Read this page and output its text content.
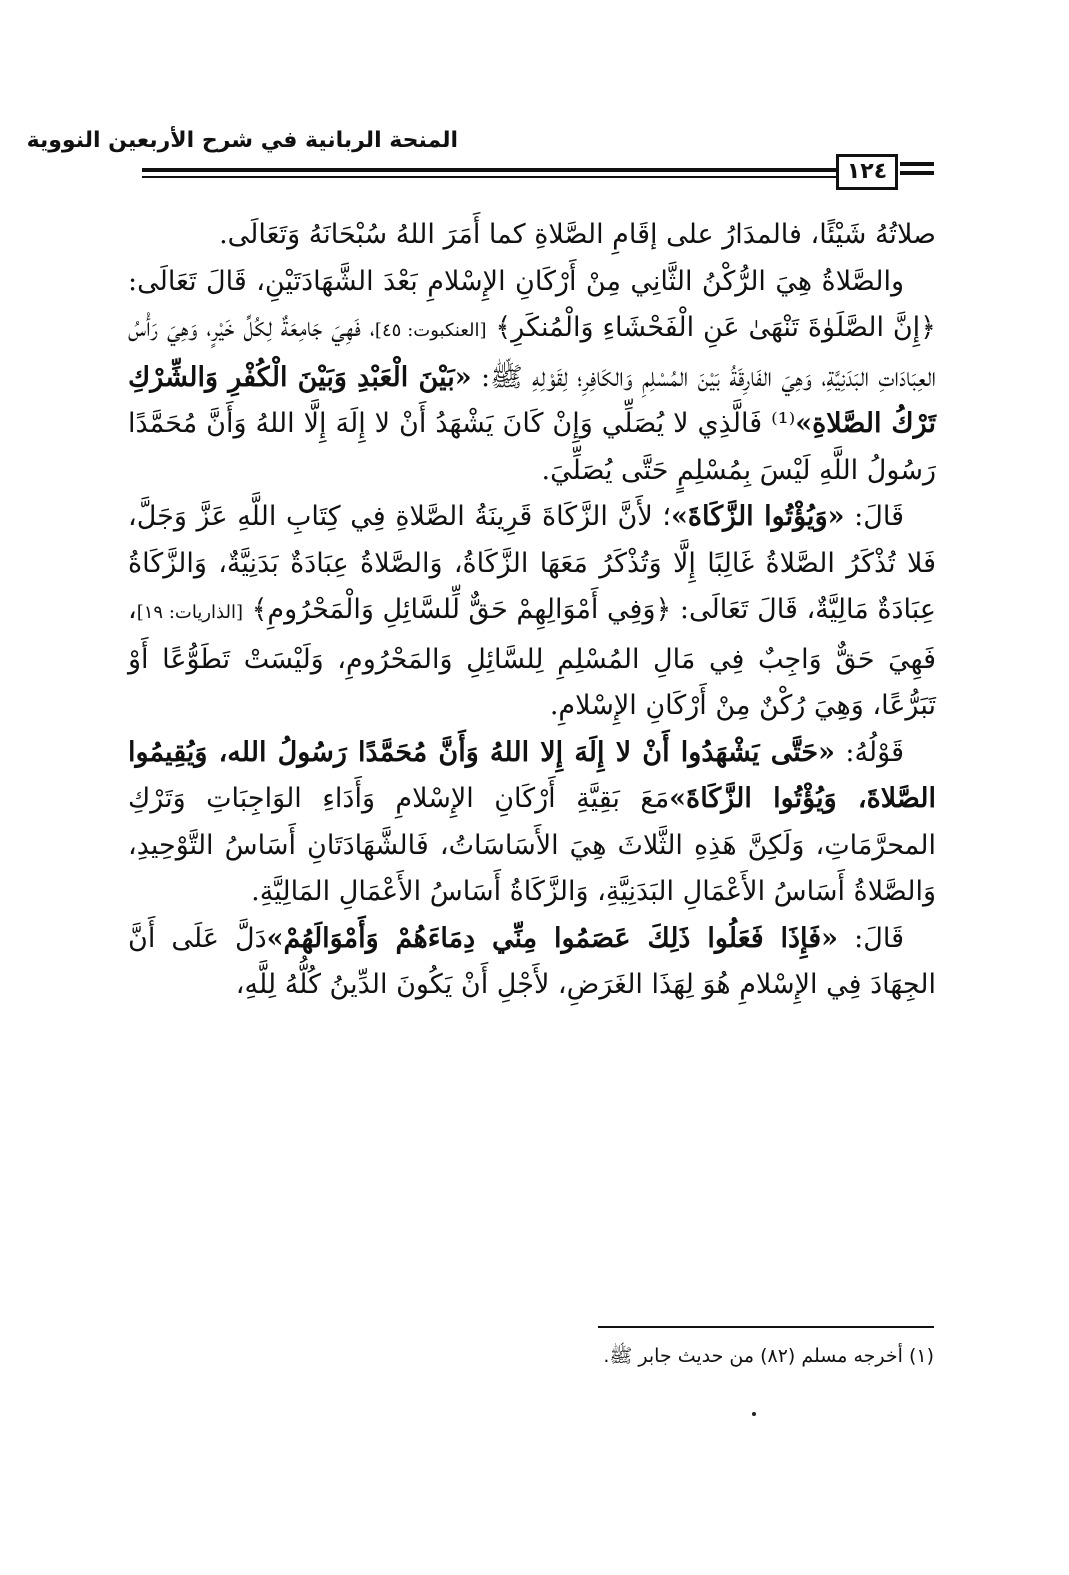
المنحة الربانية في شرح الأربعين النووية
١٢٤

صلاتُهُ شَيْئًا، فالمدَارُ على إقَامِ الصَّلاةِ كما أَمَرَ اللهُ سُبْحَانَهُ وَتَعَالَى.

والصَّلاةُ هِيَ الرُّكْنُ الثَّانِي مِنْ أَرْكَانِ الإِسْلامِ بَعْدَ الشَّهَادَتَيْنِ، قَالَ تَعَالَى: ﴿إِنَّ الصَّلَوٰةَ تَنْهَىٰ عَنِ الْفَحْشَاءِ وَالْمُنكَرِ﴾ [العنكبوت: ٤٥]، فَهِيَ جَامِعَةٌ لِكُلِّ خَيْرٍ، وَهِيَ رَأْسُ العِبَادَاتِ البَدَنِيَّةِ، وَهِيَ الفَارِقَةُ بَيْنَ المُسْلِمِ وَالكَافِرِ؛ لِقَوْلِهِ ﷺ: «بَيْنَ الْعَبْدِ وَبَيْنَ الْكُفْرِ وَالشِّرْكِ تَرْكُ الصَّلاةِ»⁽¹⁾ فَالَّذِي لا يُصَلِّي وَإِنْ كَانَ يَشْهَدُ أَنْ لا إِلَهَ إِلَّا اللهُ وَأَنَّ مُحَمَّدًا رَسُولُ اللَّهِ لَيْسَ بِمُسْلِمٍ حَتَّى يُصَلِّيَ.

قَالَ: «وَيُؤْتُوا الزَّكَاةَ»؛ لأَنَّ الزَّكَاةَ قَرِينَةُ الصَّلاةِ فِي كِتَابِ اللَّهِ عَزَّ وَجَلَّ، فَلا تُذْكَرُ الصَّلاةُ غَالِبًا إِلَّا وَتُذْكَرُ مَعَهَا الزَّكَاةُ، وَالصَّلاةُ عِبَادَةٌ بَدَنِيَّةٌ، وَالزَّكَاةُ عِبَادَةٌ مَالِيَّةٌ، قَالَ تَعَالَى: ﴿وَفِي أَمْوَالِهِمْ حَقٌّ لِّلسَّائِلِ وَالْمَحْرُومِ﴾ [الذاريات: ١٩]، فَهِيَ حَقٌّ وَاجِبٌ فِي مَالِ المُسْلِمِ لِلسَّائِلِ وَالمَحْرُومِ، وَلَيْسَتْ تَطَوُّعًا أَوْ تَبَرُّعًا، وَهِيَ رُكْنٌ مِنْ أَرْكَانِ الإِسْلامِ.

قَوْلُهُ: «حَتَّى يَشْهَدُوا أَنْ لا إِلَهَ إِلا اللهُ وَأَنَّ مُحَمَّدًا رَسُولُ الله، وَيُقِيمُوا الصَّلاةَ، وَيُؤْتُوا الزَّكَاةَ»مَعَ بَقِيَّةِ أَرْكَانِ الإِسْلامِ وَأَدَاءِ الوَاجِبَاتِ وَتَرْكِ المحرَّمَاتِ، وَلَكِنَّ هَذِهِ الثَّلاثَ هِيَ الأَسَاسَاتُ، فَالشَّهَادَتَانِ أَسَاسُ التَّوْحِيدِ، وَالصَّلاةُ أَسَاسُ الأَعْمَالِ البَدَنِيَّةِ، وَالزَّكَاةُ أَسَاسُ الأَعْمَالِ المَالِيَّةِ.

قَالَ: «فَإِذَا فَعَلُوا ذَلِكَ عَصَمُوا مِنِّي دِمَاءَهُمْ وَأَمْوَالَهُمْ»دَلَّ عَلَى أَنَّ الجِهَادَ فِي الإِسْلامِ هُوَ لِهَذَا الغَرَضِ، لأَجْلِ أَنْ يَكُونَ الدِّينُ كُلُّهُ لِلَّهِ،

(١) أخرجه مسلم (٨٢) من حديث جابر ﷺ.
